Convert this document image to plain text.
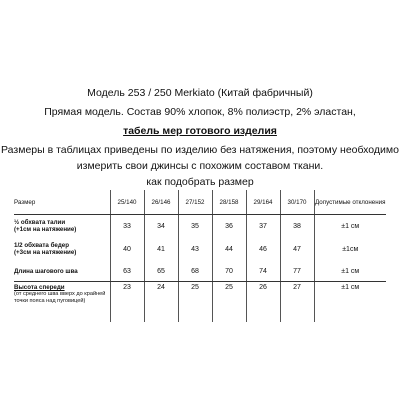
Модель 253 / 250 Merkiato (Китай фабричный)
Прямая модель. Состав 90% хлопок, 8% полиэстр, 2% эластан,
табель мер готового изделия
Размеры в таблицах приведены по изделию без натяжения, поэтому необходимо
измерить свои джинсы с похожим составом ткани.
как подобрать размер
Размер	25/140	26/146	27/152	28/158	29/164	30/170	Допустимые отклонения
½ обхвата талии
(+1см на натяжение)	33	34	35	36	37	38	±1 см
1/2 обхвата бедер
(+3см на натяжение)	40	41	43	44	46	47	±1см
Длина шагового шва	63	65	68	70	74	77	±1 см
Высота спереди
(от среднего шва вверх до крайней точки пояса над пуговицей)	23	24	25	25	26	27	±1 см
